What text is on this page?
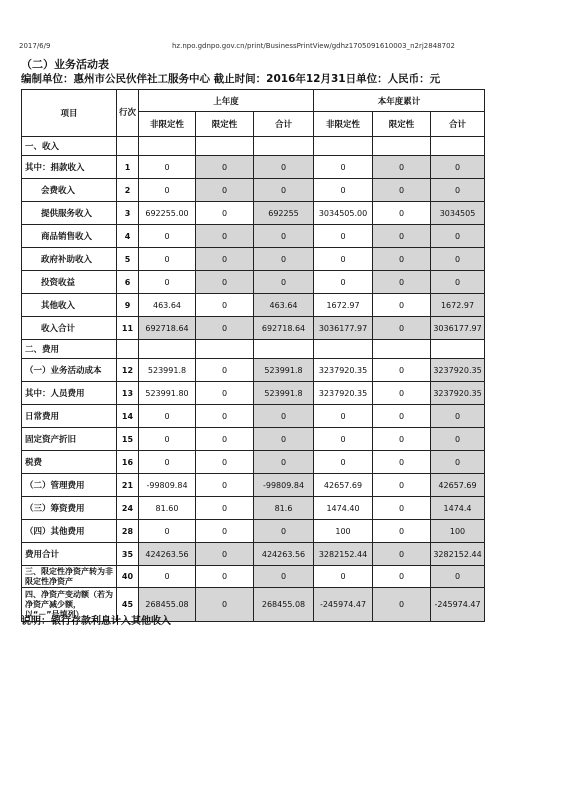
2017/6/9	hz.npo.gdnpo.gov.cn/print/BusinessPrintView/gdhz1705091610003_n2rj2848702
（二）业务活动表
编制单位：惠州市公民伙伴社工服务中心 截止时间：2016年12月31日单位：人民币：元
项目	行次	上年度			本年度累计		
		非限定性	限定性	合计	非限定性	限定性	合计
一、收入							
其中：捐款收入	1	0	0	0	0	0	0
会费收入	2	0	0	0	0	0	0
提供服务收入	3	692255.00	0	692255	3034505.00	0	3034505
商品销售收入	4	0	0	0	0	0	0
政府补助收入	5	0	0	0	0	0	0
投资收益	6	0	0	0	0	0	0
其他收入	9	463.64	0	463.64	1672.97	0	1672.97
收入合计	11	692718.64	0	692718.64	3036177.97	0	3036177.97
二、费用							
（一）业务活动成本	12	523991.8	0	523991.8	3237920.35	0	3237920.35
其中：人员费用	13	523991.80	0	523991.8	3237920.35	0	3237920.35
日常费用	14	0	0	0	0	0	0
固定资产折旧	15	0	0	0	0	0	0
税费	16	0	0	0	0	0	0
（二）管理费用	21	-99809.84	0	-99809.84	42657.69	0	42657.69
（三）筹资费用	24	81.60	0	81.6	1474.40	0	1474.4
（四）其他费用	28	0	0	0	100	0	100
费用合计	35	424263.56	0	424263.56	3282152.44	0	3282152.44
三、限定性净资产转为非限定性净资产	40	0	0	0	0	0	0
四、净资产变动额（若为净资产减少额，以“－”号填列）	45	268455.08	0	268455.08	-245974.47	0	-245974.47
说明：银行存款利息计入其他收入
